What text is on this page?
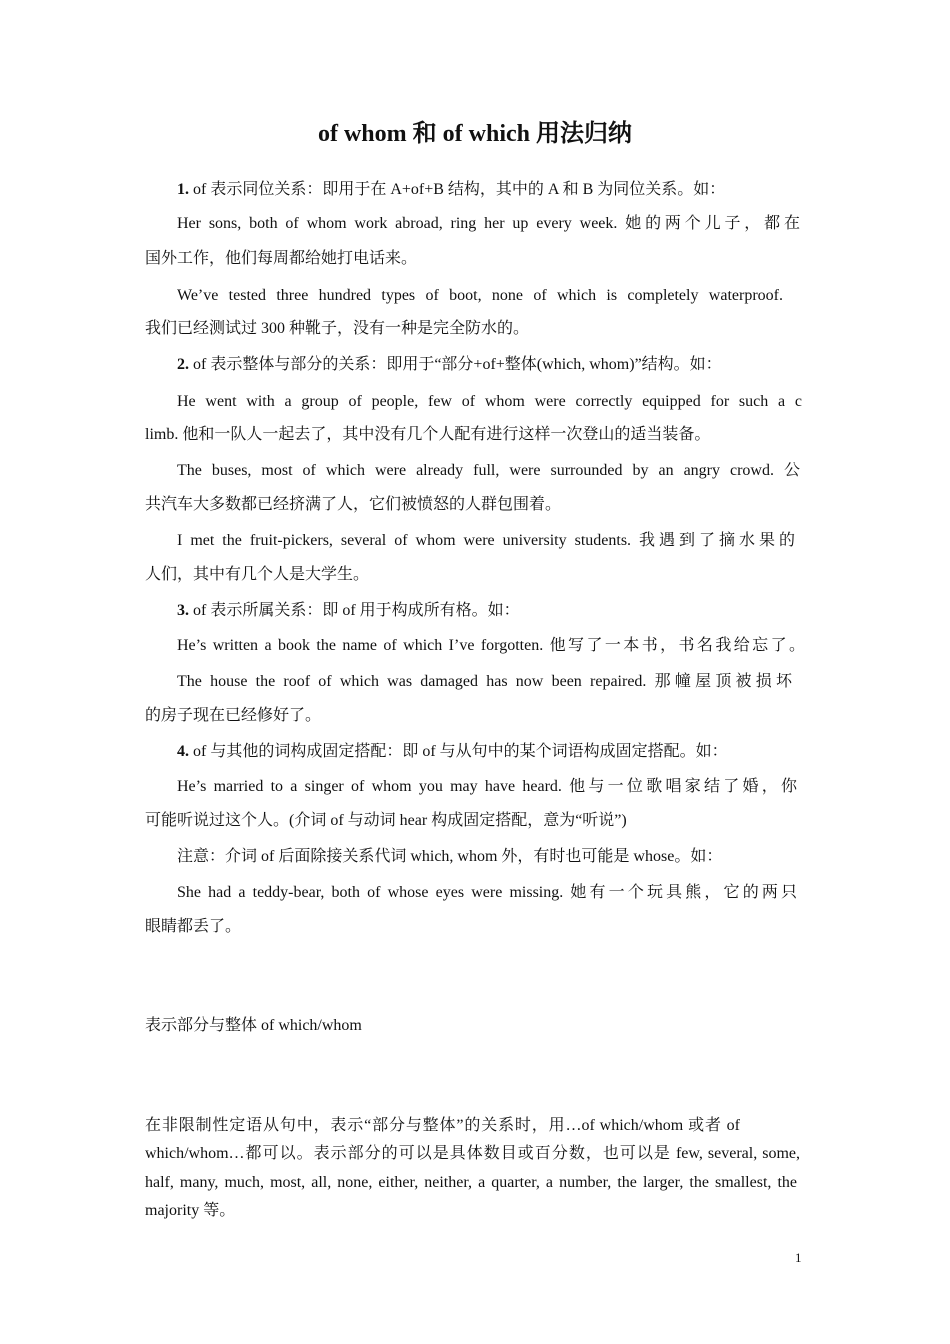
of whom 和 of which 用法归纳
1. of 表示同位关系：即用于在 A+of+B 结构，其中的 A 和 B 为同位关系。如：
Her sons, both of whom work abroad, ring her up every week. 她的两个儿子，都在
国外工作，他们每周都给她打电话来。
We’ve tested three hundred types of boot, none of which is completely waterproof.
我们已经测试过 300 种靴子，没有一种是完全防水的。
2. of 表示整体与部分的关系：即用于“部分+of+整体(which, whom)”结构。如：
He went with a group of people, few of whom were correctly equipped for such a c
limb. 他和一队人一起去了，其中没有几个人配有进行这样一次登山的适当装备。
The buses, most of which were already full, were surrounded by an angry crowd. 公
共汽车大多数都已经挤满了人，它们被愤怒的人群包围着。
I met the fruit-pickers, several of whom were university students. 我遇到了摘水果的
人们，其中有几个人是大学生。
3. of 表示所属关系：即 of 用于构成所有格。如：
He’s written a book the name of which I’ve forgotten. 他写了一本书，书名我给忘了。
The house the roof of which was damaged has now been repaired. 那幢屋顶被损坏
的房子现在已经修好了。
4. of 与其他的词构成固定搭配：即 of 与从句中的某个词语构成固定搭配。如：
He’s married to a singer of whom you may have heard. 他与一位歌唱家结了婚，你
可能听说过这个人。(介词 of 与动词 hear 构成固定搭配，意为“听说”)
注意：介词 of 后面除接关系代词 which, whom 外，有时也可能是 whose。如：
She had a teddy-bear, both of whose eyes were missing. 她有一个玩具熊，它的两只
眼睛都丢了。
表示部分与整体 of which/whom
在非限制性定语从句中，表示“部分与整体”的关系时，用…of which/whom 或者 of
which/whom…都可以。表示部分的可以是具体数目或百分数，也可以是 few, several, some,
half, many, much, most, all, none, either, neither, a quarter, a number, the larger, the smallest, the
majority 等。
1
